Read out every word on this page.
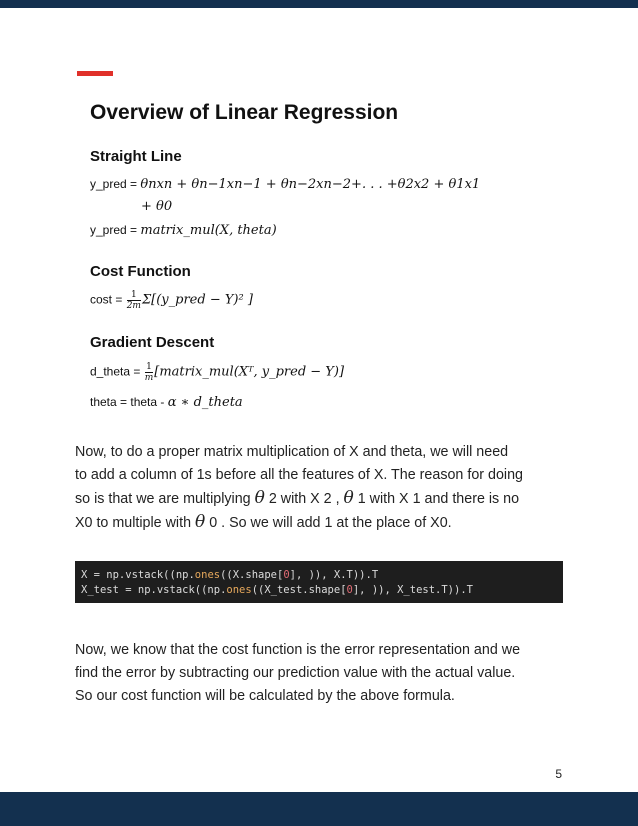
Overview of Linear Regression
Straight Line
y_pred = θnxn + θn−1xn−1 + θn−2xn−2+. . . +θ2x2 + θ1x1
+ θ0
y_pred = matrix_mul(X, theta)
Cost Function
$\cos t = \frac{1}{2m}$ Σ[(y_pred − Y)² ]
Gradient Descent
d_theta = $\frac{1}{m}$ [matrix_mul(Xᵀ, y_pred − Y)]
theta = theta - α ∗ d_theta

Now, to do a proper matrix multiplication of X and theta, we will need
to add a column of 1s before all the features of X. The reason for doing
so is that we are multiplying θ 2 with X 2 , θ 1 with X 1 and there is no
X0 to multiple with θ 0 . So we will add 1 at the place of X0.

X = np.vstack((np.ones((X.shape[0], )), X.T)).T
X_test = np.vstack((np.ones((X_test.shape[0], )), X_test.T)).T

Now, we know that the cost function is the error representation and we
find the error by subtracting our prediction value with the actual value.
So our cost function will be calculated by the above formula.

5
